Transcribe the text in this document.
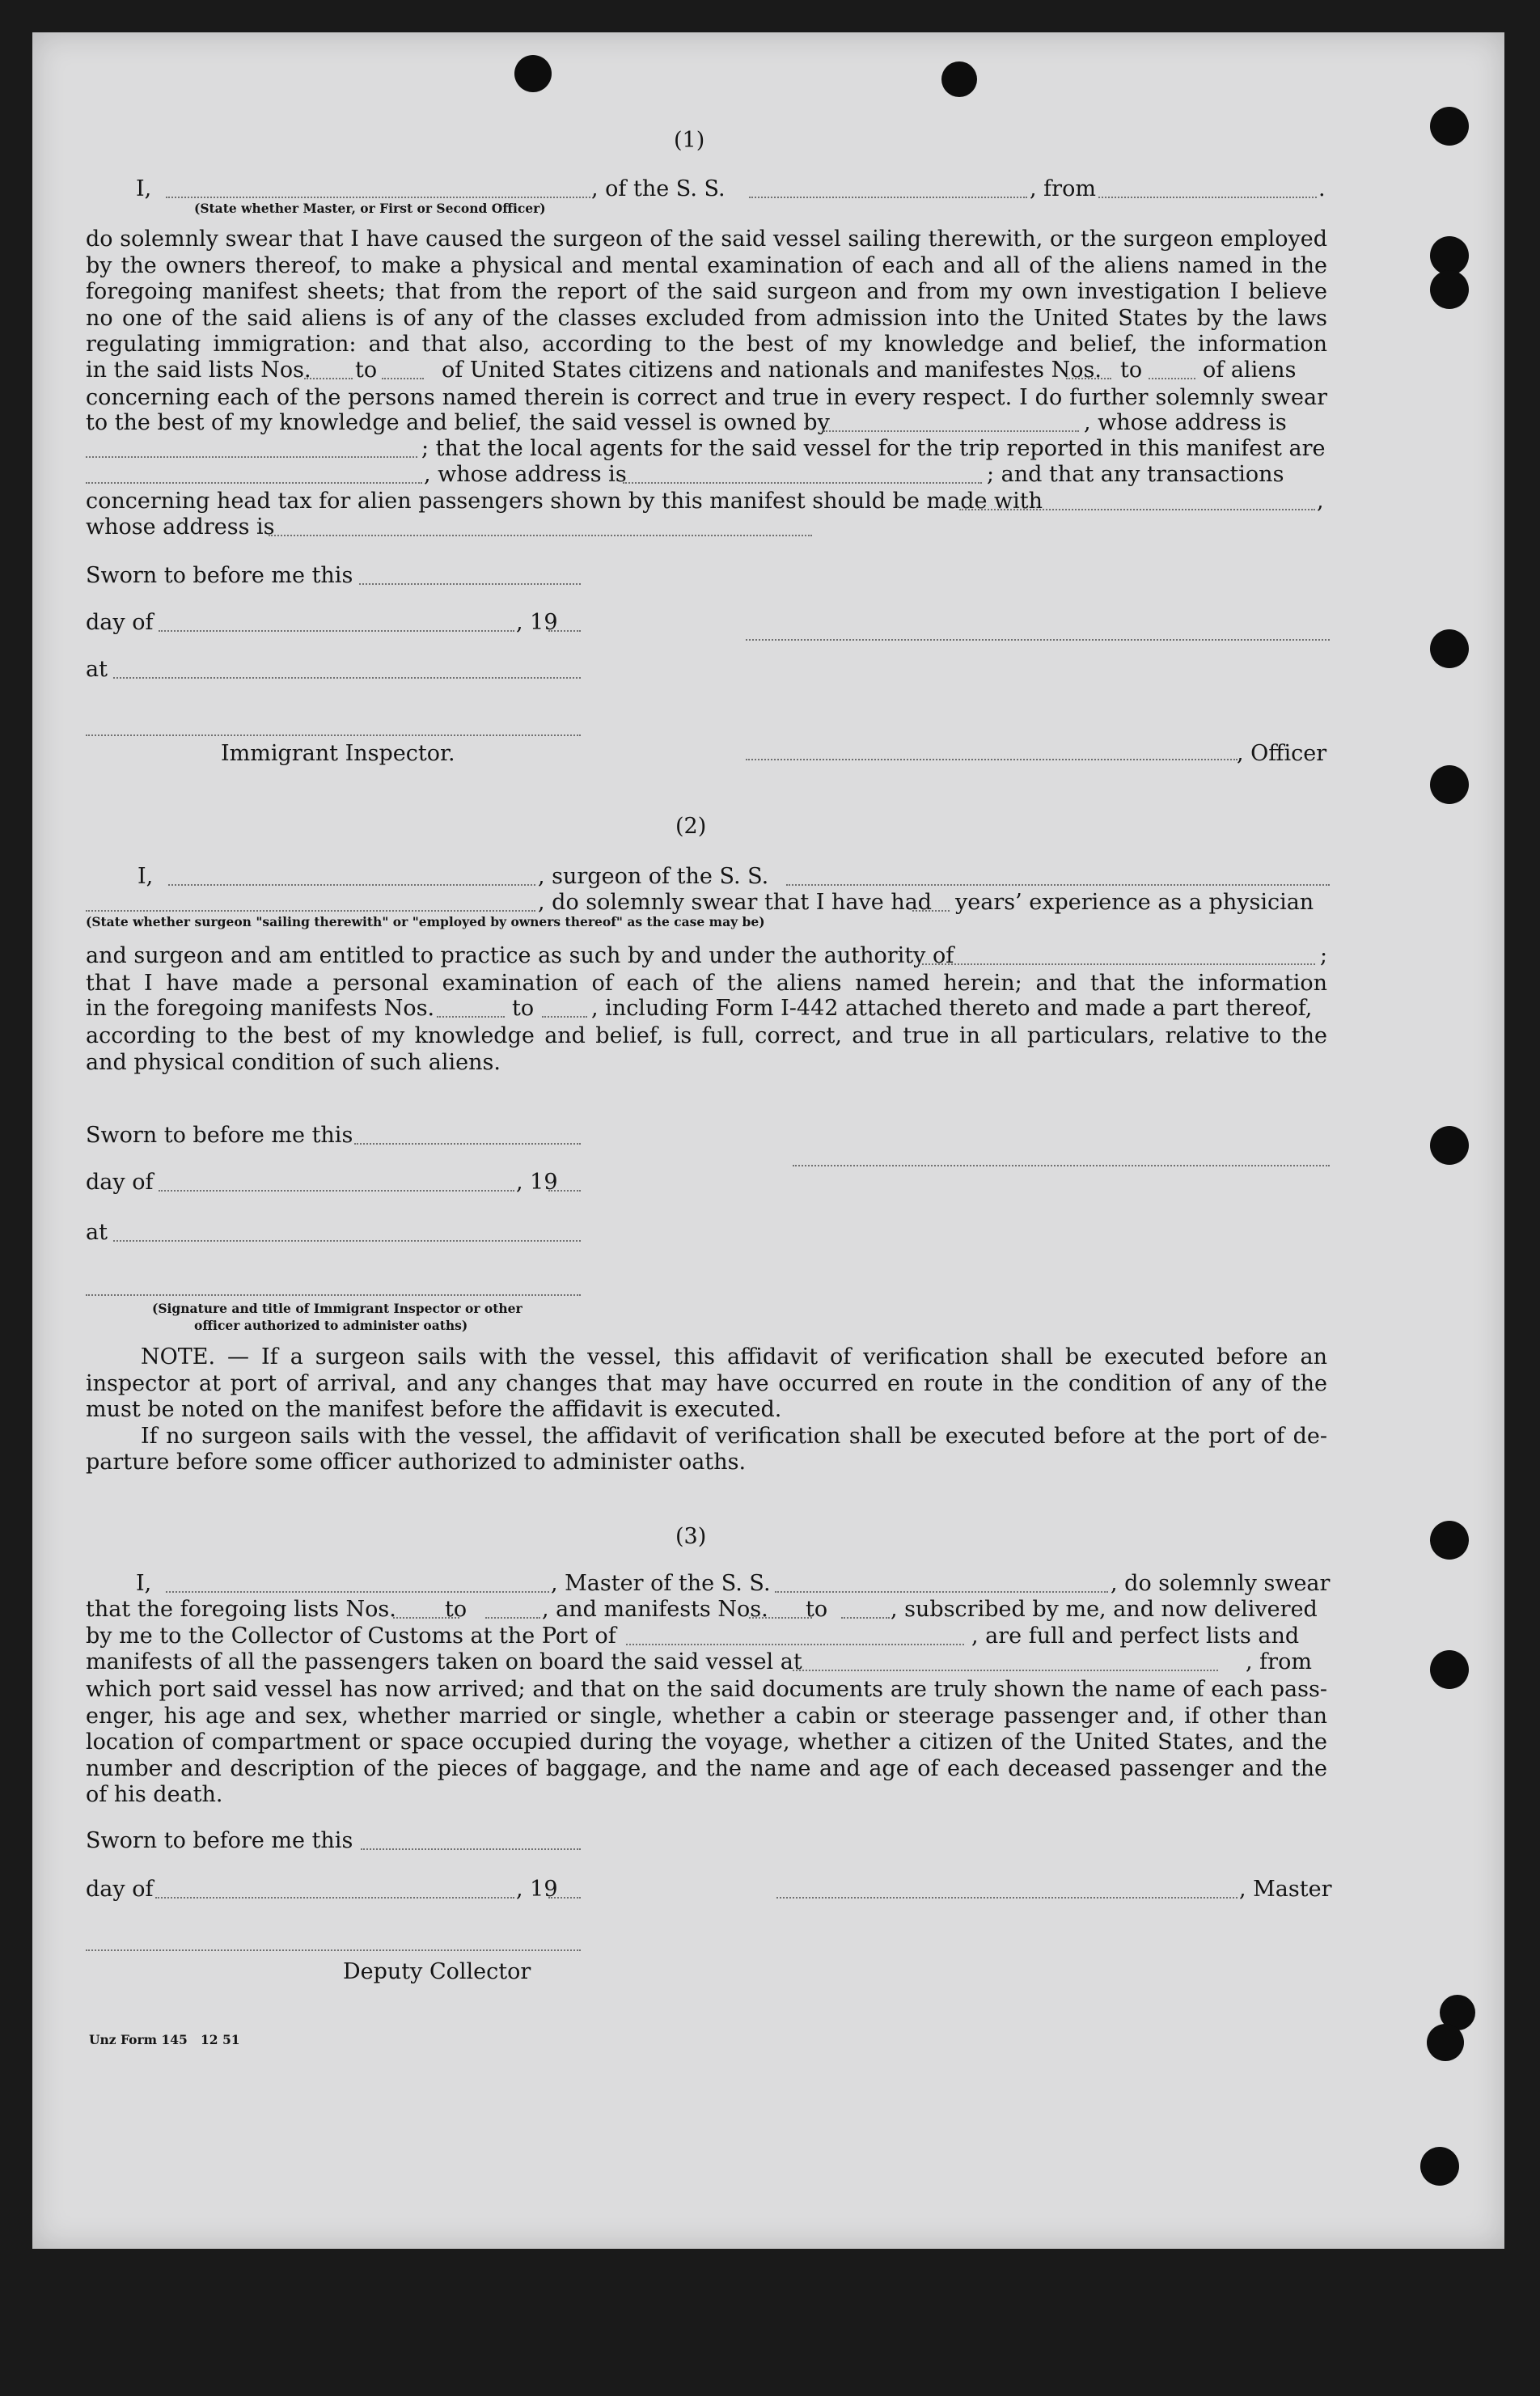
(1)
I,	, of the S. S.	, from	.
(State whether Master, or First or Second Officer)
do solemnly swear that I have caused the surgeon of the said vessel sailing therewith, or the surgeon employed
by the owners thereof, to make a physical and mental examination of each and all of the aliens named in the
foregoing manifest sheets; that from the report of the said surgeon and from my own investigation I believe
no one of the said aliens is of any of the classes excluded from admission into the United States by the laws
regulating immigration: and that also, according to the best of my knowledge and belief, the information
in the said lists Nos. to	of United States citizens and nationals and manifestes Nos. to	of aliens
concerning each of the persons named therein is correct and true in every respect. I do further solemnly swear
to the best of my knowledge and belief, the said vessel is owned by	, whose address is
; that the local agents for the said vessel for the trip reported in this manifest are
, whose address is	; and that any transactions
concerning head tax for alien passengers shown by this manifest should be made with	,
whose address is
Sworn to before me this
day of	, 19
at
Immigrant Inspector.	, Officer
(2)
I,	, surgeon of the S. S.
, do solemnly swear that I have had years’ experience as a physician
(State whether surgeon "sailing therewith" or "employed by owners thereof" as the case may be)
and surgeon and am entitled to practice as such by and under the authority of	;
that I have made a personal examination of each of the aliens named herein; and that the information
in the foregoing manifests Nos.	to	, including Form I-442 attached thereto and made a part thereof,
according to the best of my knowledge and belief, is full, correct, and true in all particulars, relative to the
and physical condition of such aliens.
Sworn to before me this
day of	, 19
at
(Signature and title of Immigrant Inspector or other
officer authorized to administer oaths)
NOTE. — If a surgeon sails with the vessel, this affidavit of verification shall be executed before an
inspector at port of arrival, and any changes that may have occurred en route in the condition of any of the
must be noted on the manifest before the affidavit is executed.
If no surgeon sails with the vessel, the affidavit of verification shall be executed before at the port of de-
parture before some officer authorized to administer oaths.
(3)
I,	, Master of the S. S.	, do solemnly swear
that the foregoing lists Nos. to	, and manifests Nos. to	, subscribed by me, and now delivered
by me to the Collector of Customs at the Port of	, are full and perfect lists and
manifests of all the passengers taken on board the said vessel at	, from
which port said vessel has now arrived; and that on the said documents are truly shown the name of each pass-
enger, his age and sex, whether married or single, whether a cabin or steerage passenger and, if other than
location of compartment or space occupied during the voyage, whether a citizen of the United States, and the
number and description of the pieces of baggage, and the name and age of each deceased passenger and the
of his death.
Sworn to before me this
day of	, 19	, Master
Deputy Collector
Unz Form 145   12 51
